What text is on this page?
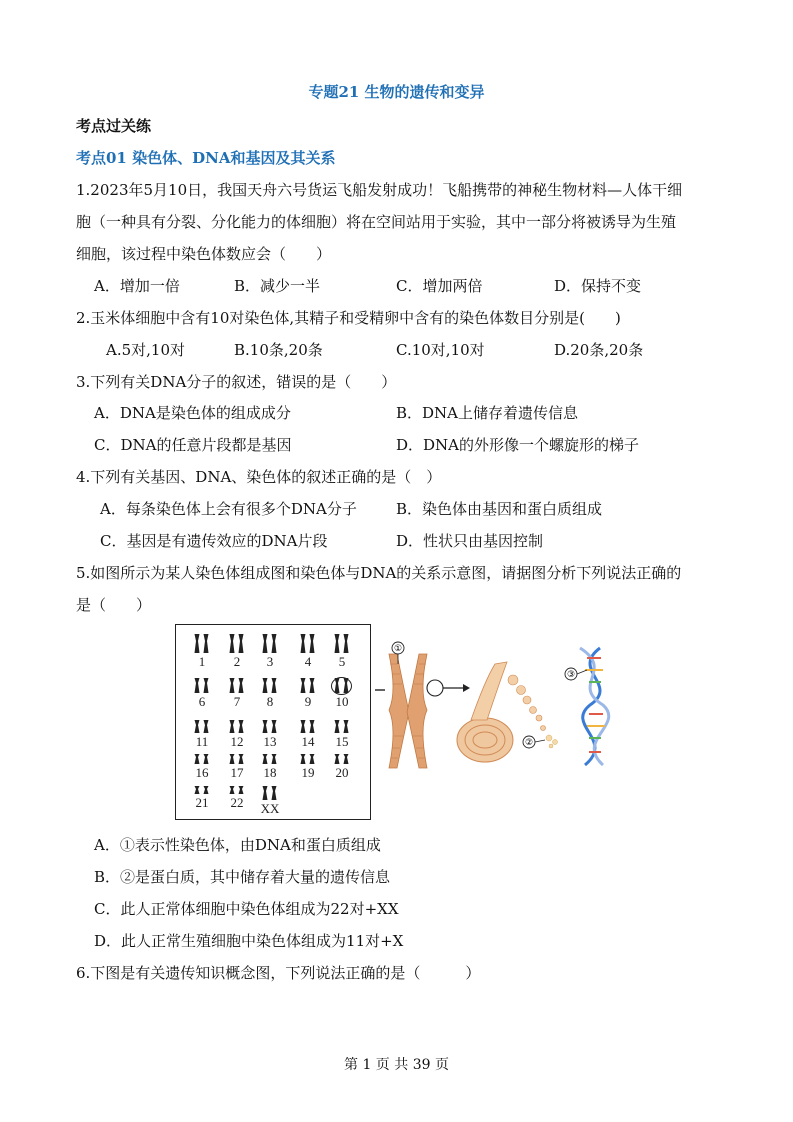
专题21 生物的遗传和变异
考点过关练
考点01 染色体、DNA和基因及其关系
1.2023年5月10日，我国天舟六号货运飞船发射成功！飞船携带的神秘生物材料—人体干细
胞（一种具有分裂、分化能力的体细胞）将在空间站用于实验，其中一部分将被诱导为生殖
细胞，该过程中染色体数应会（　　）
A．增加一倍	B．减少一半	C．增加两倍	D．保持不变
2.玉米体细胞中含有10对染色体,其精子和受精卵中含有的染色体数目分别是(　　)
A.5对,10对	B.10条,20条	C.10对,10对	D.20条,20条
3.下列有关DNA分子的叙述，错误的是（　　）
A．DNA是染色体的组成成分	B．DNA上储存着遗传信息
C．DNA的任意片段都是基因	D．DNA的外形像一个螺旋形的梯子
4.下列有关基因、DNA、染色体的叙述正确的是（　）
A．每条染色体上会有很多个DNA分子	B．染色体由基因和蛋白质组成
C．基因是有遗传效应的DNA片段	D．性状只由基因控制
5.如图所示为某人染色体组成图和染色体与DNA的关系示意图，请据图分析下列说法正确的
是（　　）
1	2	3	4	5
6	7	8	9	10
11	12	13	14	15
16	17	18	19	20
21	22	XX
①
②
③
A．①表示性染色体，由DNA和蛋白质组成
B．②是蛋白质，其中储存着大量的遗传信息
C．此人正常体细胞中染色体组成为22对+XX
D．此人正常生殖细胞中染色体组成为11对+X
6.下图是有关遗传知识概念图，下列说法正确的是（　　　）
第 1 页 共 39 页
